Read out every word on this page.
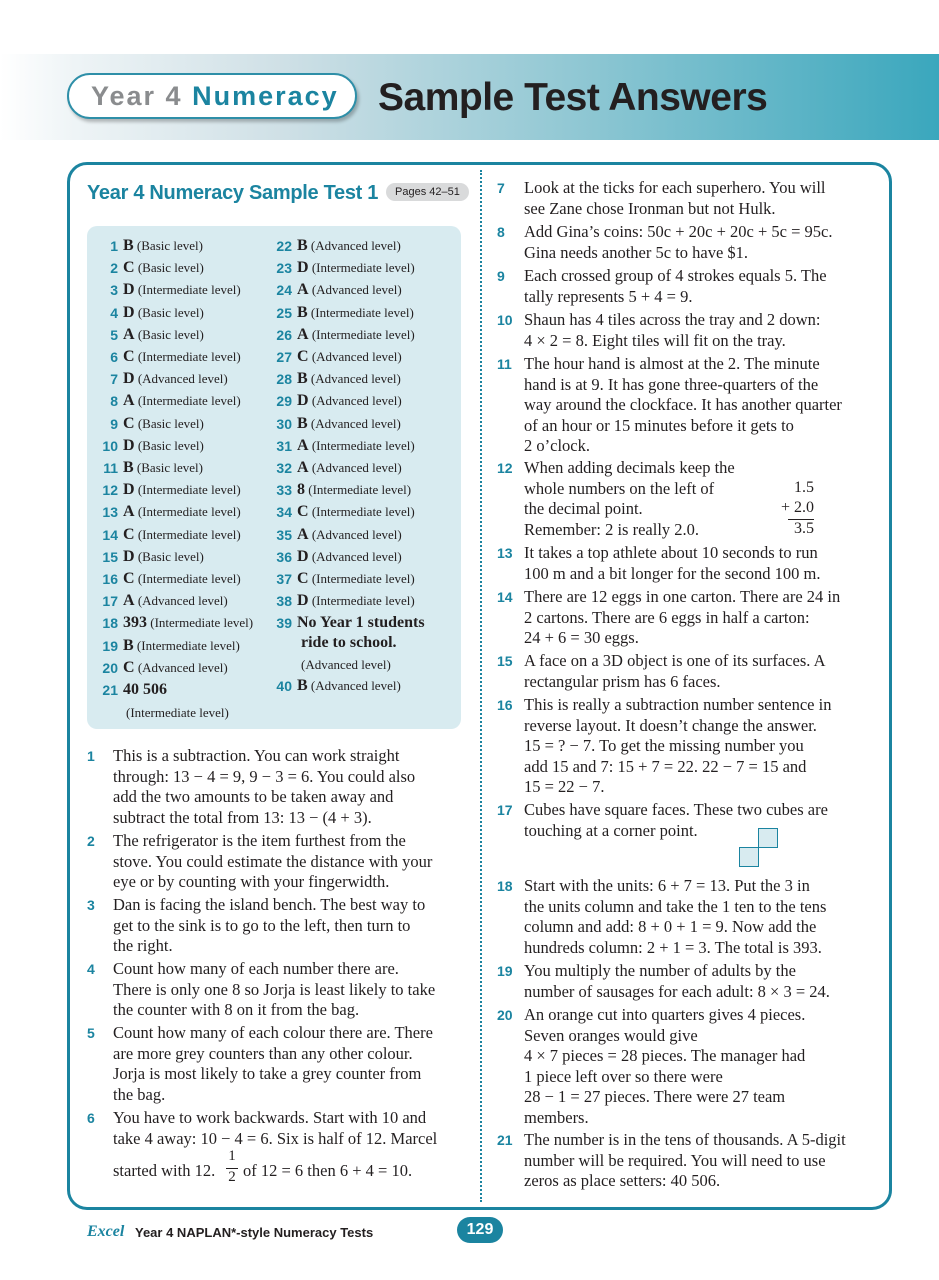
Year 4 Numeracy	Sample Test Answers
Year 4 Numeracy Sample Test 1	Pages 42–51
1 B (Basic level)
2 C (Basic level)
3 D (Intermediate level)
4 D (Basic level)
5 A (Basic level)
6 C (Intermediate level)
7 D (Advanced level)
8 A (Intermediate level)
9 C (Basic level)
10 D (Basic level)
11 B (Basic level)
12 D (Intermediate level)
13 A (Intermediate level)
14 C (Intermediate level)
15 D (Basic level)
16 C (Intermediate level)
17 A (Advanced level)
18 393 (Intermediate level)
19 B (Intermediate level)
20 C (Advanced level)
21 40 506
(Intermediate level)
22 B (Advanced level)
23 D (Intermediate level)
24 A (Advanced level)
25 B (Intermediate level)
26 A (Intermediate level)
27 C (Advanced level)
28 B (Advanced level)
29 D (Advanced level)
30 B (Advanced level)
31 A (Intermediate level)
32 A (Advanced level)
33 8 (Intermediate level)
34 C (Intermediate level)
35 A (Advanced level)
36 D (Advanced level)
37 C (Intermediate level)
38 D (Intermediate level)
39 No Year 1 students
ride to school.
(Advanced level)
40 B (Advanced level)
1 This is a subtraction. You can work straight
through: 13 − 4 = 9, 9 − 3 = 6. You could also
add the two amounts to be taken away and
subtract the total from 13: 13 − (4 + 3).
2 The refrigerator is the item furthest from the
stove. You could estimate the distance with your
eye or by counting with your fingerwidth.
3 Dan is facing the island bench. The best way to
get to the sink is to go to the left, then turn to
the right.
4 Count how many of each number there are.
There is only one 8 so Jorja is least likely to take
the counter with 8 on it from the bag.
5 Count how many of each colour there are. There
are more grey counters than any other colour.
Jorja is most likely to take a grey counter from
the bag.
6 You have to work backwards. Start with 10 and
take 4 away: 10 − 4 = 6. Six is half of 12. Marcel
started with 12.
1
2 of 12 = 6 then 6 + 4 = 10.
7 Look at the ticks for each superhero. You will
see Zane chose Ironman but not Hulk.
8 Add Gina’s coins: 50c + 20c + 20c + 5c = 95c.
Gina needs another 5c to have $1.
9 Each crossed group of 4 strokes equals 5. The
tally represents 5 + 4 = 9.
10 Shaun has 4 tiles across the tray and 2 down:
4 × 2 = 8. Eight tiles will fit on the tray.
11 The hour hand is almost at the 2. The minute
hand is at 9. It has gone three-quarters of the
way around the clockface. It has another quarter
of an hour or 15 minutes before it gets to
2 o’clock.
12 When adding decimals keep the
whole numbers on the left of
the decimal point.
Remember: 2 is really 2.0.
1.5
+ 2.0
3.5
13 It takes a top athlete about 10 seconds to run
100 m and a bit longer for the second 100 m.
14 There are 12 eggs in one carton. There are 24 in
2 cartons. There are 6 eggs in half a carton:
24 + 6 = 30 eggs.
15 A face on a 3D object is one of its surfaces. A
rectangular prism has 6 faces.
16 This is really a subtraction number sentence in
reverse layout. It doesn’t change the answer.
15 = ? − 7. To get the missing number you
add 15 and 7: 15 + 7 = 22. 22 − 7 = 15 and
15 = 22 − 7.
17 Cubes have square faces. These two cubes are
touching at a corner point.
18 Start with the units: 6 + 7 = 13. Put the 3 in
the units column and take the 1 ten to the tens
column and add: 8 + 0 + 1 = 9. Now add the
hundreds column: 2 + 1 = 3. The total is 393.
19 You multiply the number of adults by the
number of sausages for each adult: 8 × 3 = 24.
20 An orange cut into quarters gives 4 pieces.
Seven oranges would give
4 × 7 pieces = 28 pieces. The manager had
1 piece left over so there were
28 − 1 = 27 pieces. There were 27 team
members.
21 The number is in the tens of thousands. A 5-digit
number will be required. You will need to use
zeros as place setters: 40 506.
Excel Year 4 NAPLAN*-style Numeracy Tests	129
